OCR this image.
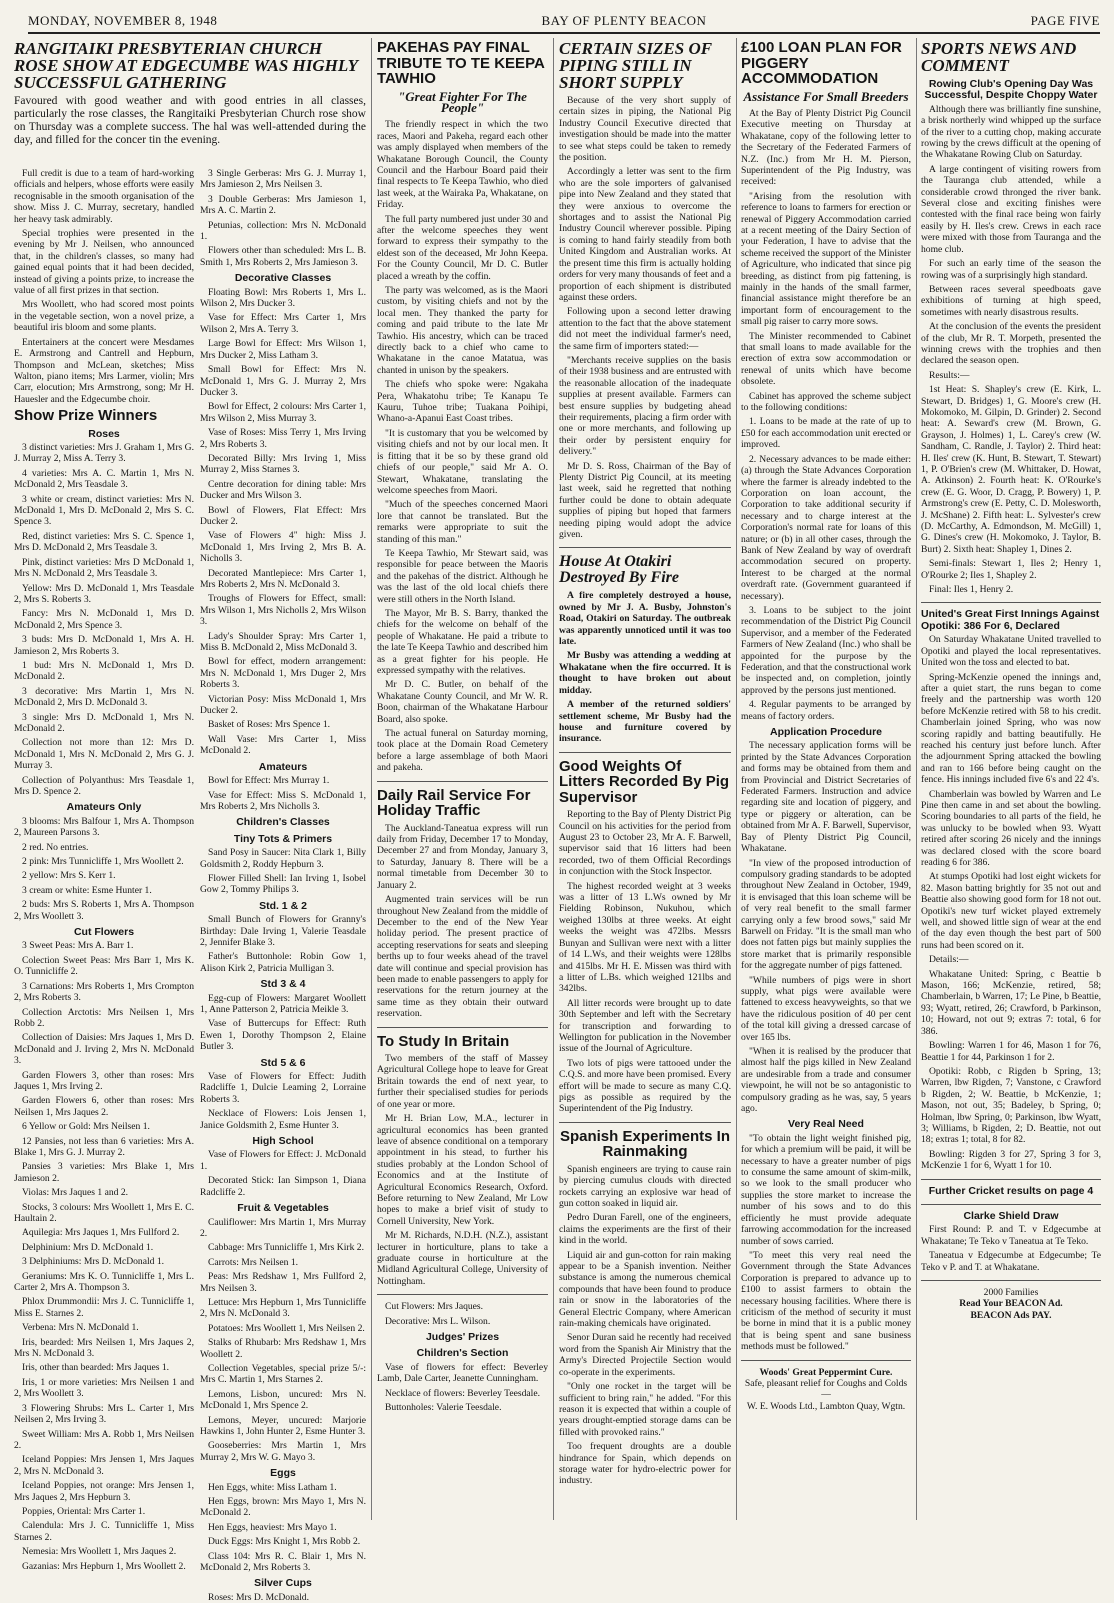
MONDAY, NOVEMBER 8, 1948	BAY OF PLENTY BEACON	PAGE FIVE
RANGITAIKI PRESBYTERIAN CHURCH ROSE SHOW AT EDGECUMBE WAS HIGHLY SUCCESSFUL GATHERING
Favoured with good weather and with good entries in all classes, particularly the rose classes, the Rangitaiki Presbyterian Church rose show on Thursday was a complete success. The hal was well-attended during the day, and filled for the concer tin the evening.

Full credit is due to a team of hard-working officials and helpers, whose efforts were easily recognisable in the smooth organisation of the show. Miss J. C. Murray, secretary, handled her heavy task admirably.

Special trophies were presented in the evening by Mr J. Neilsen, who announced that, in the children's classes, so many had gained equal points that it had been decided, instead of giving a points prize, to increase the value of all first prizes in that section.

Mrs Woollett, who had scored most points in the vegetable section, won a novel prize, a beautiful iris bloom and some plants.

Entertainers at the concert were Mesdames E. Armstrong and Cantrell and Hepburn, Thompson and McLean, sketches; Miss Walton, piano items; Mrs Larmer, violin; Mrs Carr, elocution; Mrs Armstrong, song; Mr H. Hauesler and the Edgecumbe choir.

Show Prize Winners
Roses

3 distinct varieties: Mrs J. Graham 1, Mrs G. J. Murray 2, Miss A. Terry 3.

4 varieties: Mrs A. C. Martin 1, Mrs N. McDonald 2, Mrs Teasdale 3.

3 white or cream, distinct varieties: Mrs N. McDonald 1, Mrs D. McDonald 2, Mrs S. C. Spence 3.

Red, distinct varieties: Mrs S. C. Spence 1, Mrs D. McDonald 2, Mrs Teasdale 3.

Pink, distinct varieties: Mrs D McDonald 1, Mrs N. McDonald 2, Mrs Teasdale 3.

Yellow: Mrs D. McDonald 1, Mrs Teasdale 2, Mrs S. Roberts 3.

Fancy: Mrs N. McDonald 1, Mrs D. McDonald 2, Mrs Spence 3.

3 buds: Mrs D. McDonald 1, Mrs A. H. Jamieson 2, Mrs Roberts 3.

1 bud: Mrs N. McDonald 1, Mrs D. McDonald 2.

3 decorative: Mrs Martin 1, Mrs N. McDonald 2, Mrs D. McDonald 3.

3 single: Mrs D. McDonald 1, Mrs N. McDonald 2.

Collection not more than 12: Mrs D. McDonald 1, Mrs N. McDonald 2, Mrs G. J. Murray 3.

Collection of Polyanthus: Mrs Teasdale 1, Mrs D. Spence 2.

Amateurs Only

3 blooms: Mrs Balfour 1, Mrs A. Thompson 2, Maureen Parsons 3.

2 red. No entries.

2 pink: Mrs Tunnicliffe 1, Mrs Woollett 2.

2 yellow: Mrs S. Kerr 1.

3 cream or white: Esme Hunter 1.

2 buds: Mrs S. Roberts 1, Mrs A. Thompson 2, Mrs Woollett 3.

Cut Flowers

3 Sweet Peas: Mrs A. Barr 1.

Colection Sweet Peas: Mrs Barr 1, Mrs K. O. Tunnicliffe 2.

3 Carnations: Mrs Roberts 1, Mrs Crompton 2, Mrs Roberts 3.

Collection Arctotis: Mrs Neilsen 1, Mrs Robb 2.

Collection of Daisies: Mrs Jaques 1, Mrs D. McDonald and J. Irving 2, Mrs N. McDonald 3.

Garden Flowers 3, other than roses: Mrs Jaques 1, Mrs Irving 2.

Garden Flowers 6, other than roses: Mrs Neilsen 1, Mrs Jaques 2.

6 Yellow or Gold: Mrs Neilsen 1.

12 Pansies, not less than 6 varieties: Mrs A. Blake 1, Mrs G. J. Murray 2.

Pansies 3 varieties: Mrs Blake 1, Mrs Jamieson 2.

Violas: Mrs Jaques 1 and 2.

Stocks, 3 colours: Mrs Woollett 1, Mrs E. C. Haultain 2.

Aquilegia: Mrs Jaques 1, Mrs Fullford 2.

Delphinium: Mrs D. McDonald 1.

3 Delphiniums: Mrs D. McDonald 1.

Geraniums: Mrs K. O. Tunnicliffe 1, Mrs L. Carter 2, Mrs A. Thompson 3.

Phlox Drummondii: Mrs J. C. Tunnicliffe 1, Miss E. Starnes 2.

Verbena: Mrs N. McDonald 1.

Iris, bearded: Mrs Neilsen 1, Mrs Jaques 2, Mrs N. McDonald 3.

Iris, other than bearded: Mrs Jaques 1.

Iris, 1 or more varieties: Mrs Neilsen 1 and 2, Mrs Woollett 3.

3 Flowering Shrubs: Mrs L. Carter 1, Mrs Neilsen 2, Mrs Irving 3.

Sweet William: Mrs A. Robb 1, Mrs Neilsen 2.

Iceland Poppies: Mrs Jensen 1, Mrs Jaques 2, Mrs N. McDonald 3.

Iceland Poppies, not orange: Mrs Jensen 1, Mrs Jaques 2, Mrs Hepburn 3.

Poppies, Oriental: Mrs Carter 1.

Calendula: Mrs J. C. Tunnicliffe 1, Miss Starnes 2.

Nemesia: Mrs Woollett 1, Mrs Jaques 2.

Gazanias: Mrs Hepburn 1, Mrs Woollett 2.

3 Single Gerberas: Mrs G. J. Murray 1, Mrs Jamieson 2, Mrs Neilsen 3.

3 Double Gerberas: Mrs Jamieson 1, Mrs A. C. Martin 2.

Petunias, collection: Mrs N. McDonald 1.

Flowers other than scheduled: Mrs L. B. Smith 1, Mrs Roberts 2, Mrs Jamieson 3.

Decorative Classes

Floating Bowl: Mrs Roberts 1, Mrs L. Wilson 2, Mrs Ducker 3.

Vase for Effect: Mrs Carter 1, Mrs Wilson 2, Mrs A. Terry 3.

Large Bowl for Effect: Mrs Wilson 1, Mrs Ducker 2, Miss Latham 3.

Small Bowl for Effect: Mrs N. McDonald 1, Mrs G. J. Murray 2, Mrs Ducker 3.

Bowl for Effect, 2 colours: Mrs Carter 1, Mrs Wilson 2, Miss Murray 3.

Vase of Roses: Miss Terry 1, Mrs Irving 2, Mrs Roberts 3.

Decorated Billy: Mrs Irving 1, Miss Murray 2, Miss Starnes 3.

Centre decoration for dining table: Mrs Ducker and Mrs Wilson 3.

Bowl of Flowers, Flat Effect: Mrs Ducker 2.

Vase of Flowers 4" high: Miss J. McDonald 1, Mrs Irving 2, Mrs B. A. Nicholls 3.

Decorated Mantlepiece: Mrs Carter 1, Mrs Roberts 2, Mrs N. McDonald 3.

Troughs of Flowers for Effect, small: Mrs Wilson 1, Mrs Nicholls 2, Mrs Wilson 3.

Lady's Shoulder Spray: Mrs Carter 1, Miss B. McDonald 2, Miss McDonald 3.

Bowl for effect, modern arrangement: Mrs N. McDonald 1, Mrs Duger 2, Mrs Roberts 3.

Victorian Posy: Miss McDonald 1, Mrs Ducker 2.

Basket of Roses: Mrs Spence 1.

Wall Vase: Mrs Carter 1, Miss McDonald 2.

Amateurs

Bowl for Effect: Mrs Murray 1.

Vase for Effect: Miss S. McDonald 1, Mrs Roberts 2, Mrs Nicholls 3.

Children's Classes
Tiny Tots & Primers

Sand Posy in Saucer: Nita Clark 1, Billy Goldsmith 2, Roddy Hepburn 3.

Flower Filled Shell: Ian Irving 1, Isobel Gow 2, Tommy Philips 3.

Std. 1 & 2

Small Bunch of Flowers for Granny's Birthday: Dale Irving 1, Valerie Teasdale 2, Jennifer Blake 3.

Father's Buttonhole: Robin Gow 1, Alison Kirk 2, Patricia Mulligan 3.

Std 3 & 4

Egg-cup of Flowers: Margaret Woollett 1, Anne Patterson 2, Patricia Meikle 3.

Vase of Buttercups for Effect: Ruth Ewen 1, Dorothy Thompson 2, Elaine Butler 3.

Std 5 & 6

Vase of Flowers for Effect: Judith Radcliffe 1, Dulcie Leaming 2, Lorraine Roberts 3.

Necklace of Flowers: Lois Jensen 1, Janice Goldsmith 2, Esme Hunter 3.

High School

Vase of Flowers for Effect: J. McDonald 1.

Decorated Stick: Ian Simpson 1, Diana Radcliffe 2.

Fruit & Vegetables

Cauliflower: Mrs Martin 1, Mrs Murray 2.

Cabbage: Mrs Tunnicliffe 1, Mrs Kirk 2.

Carrots: Mrs Neilsen 1.

Peas: Mrs Redshaw 1, Mrs Fullford 2, Mrs Neilsen 3.

Lettuce: Mrs Hepburn 1, Mrs Tunnicliffe 2, Mrs N. McDonald 3.

Potatoes: Mrs Woollett 1, Mrs Neilsen 2.

Stalks of Rhubarb: Mrs Redshaw 1, Mrs Woollett 2.

Collection Vegetables, special prize 5/-: Mrs C. Martin 1, Mrs Starnes 2.

Lemons, Lisbon, uncured: Mrs N. McDonald 1, Mrs Spence 2.

Lemons, Meyer, uncured: Marjorie Hawkins 1, John Hunter 2, Esme Hunter 3.

Gooseberries: Mrs Martin 1, Mrs Murray 2, Mrs W. G. Mayo 3.

Eggs

Hen Eggs, white: Miss Latham 1.

Hen Eggs, brown: Mrs Mayo 1, Mrs N. McDonald 2.

Hen Eggs, heaviest: Mrs Mayo 1.

Duck Eggs: Mrs Knight 1, Mrs Robb 2.

Class 104: Mrs R. C. Blair 1, Mrs N. McDonald 2, Mrs Roberts 3.

Silver Cups

Roses: Mrs D. McDonald.

PAKEHAS PAY FINAL TRIBUTE TO TE KEEPA TAWHIO
"Great Fighter For The People"

The friendly respect in which the two races, Maori and Pakeha, regard each other was amply displayed when members of the Whakatane Borough Council, the County Council and the Harbour Board paid their final respects to Te Keepa Tawhio, who died last week, at the Wairaka Pa, Whakatane, on Friday.

The full party numbered just under 30 and after the welcome speeches they went forward to express their sympathy to the eldest son of the deceased, Mr John Keepa. For the County Council, Mr D. C. Butler placed a wreath by the coffin.

The party was welcomed, as is the Maori custom, by visiting chiefs and not by the local men. They thanked the party for coming and paid tribute to the late Mr Tawhio. His ancestry, which can be traced directly back to a chief who came to Whakatane in the canoe Matatua, was chanted in unison by the speakers.

The chiefs who spoke were: Ngakaha Pera, Whakatohu tribe; Te Kanapu Te Kauru, Tuhoe tribe; Tuakana Poihipi, Whano-a-Apanui East Coast tribes.

"It is customary that you be welcomed by visiting chiefs and not by our local men. It is fitting that it be so by these grand old chiefs of our people," said Mr A. O. Stewart, Whakatane, translating the welcome speeches from Maori.

"Much of the speeches concerned Maori lore that cannot be translated. But the remarks were appropriate to suit the standing of this man."

Te Keepa Tawhio, Mr Stewart said, was responsible for peace between the Maoris and the pakehas of the district. Although he was the last of the old local chiefs there were still others in the North Island.

The Mayor, Mr B. S. Barry, thanked the chiefs for the welcome on behalf of the people of Whakatane. He paid a tribute to the late Te Keepa Tawhio and described him as a great fighter for his people. He expressed sympathy with the relatives.

Mr D. C. Butler, on behalf of the Whakatane County Council, and Mr W. R. Boon, chairman of the Whakatane Harbour Board, also spoke.

The actual funeral on Saturday morning, took place at the Domain Road Cemetery before a large assemblage of both Maori and pakeha.

Daily Rail Service For Holiday Traffic

The Auckland-Taneatua express will run daily from Friday, December 17 to Monday, December 27 and from Monday, January 3, to Saturday, January 8. There will be a normal timetable from December 30 to January 2.

Augmented train services will be run throughout New Zealand from the middle of December to the end of the New Year holiday period. The present practice of accepting reservations for seats and sleeping berths up to four weeks ahead of the travel date will continue and special provision has been made to enable passengers to apply for reservations for the return journey at the same time as they obtain their outward reservation.

To Study In Britain

Two members of the staff of Massey Agricultural College hope to leave for Great Britain towards the end of next year, to further their specialised studies for periods of one year or more.

Mr H. Brian Low, M.A., lecturer in agricultural economics has been granted leave of absence conditional on a temporary appointment in his stead, to further his studies probably at the London School of Economics and at the Institute of Agricultural Economics Research, Oxford. Before returning to New Zealand, Mr Low hopes to make a brief visit of study to Cornell University, New York.

Mr M. Richards, N.D.H. (N.Z.), assistant lecturer in horticulture, plans to take a graduate course in horticulture at the Midland Agricultural College, University of Nottingham.

Cut Flowers: Mrs Jaques.

Decorative: Mrs L. Wilson.

Judges' Prizes
Children's Section

Vase of flowers for effect: Beverley Lamb, Dale Carter, Jeanette Cunningham.

Necklace of flowers: Beverley Teesdale.

Buttonholes: Valerie Teesdale.

CERTAIN SIZES OF PIPING STILL IN SHORT SUPPLY

Because of the very short supply of certain sizes in piping, the National Pig Industry Council Executive directed that investigation should be made into the matter to see what steps could be taken to remedy the position.

Accordingly a letter was sent to the firm who are the sole importers of galvanised pipe into New Zealand and they stated that they were anxious to overcome the shortages and to assist the National Pig Industry Council wherever possible. Piping is coming to hand fairly steadily from both United Kingdom and Australian works. At the present time this firm is actually holding orders for very many thousands of feet and a proportion of each shipment is distributed against these orders.

Following upon a second letter drawing attention to the fact that the above statement did not meet the individual farmer's need, the same firm of importers stated:—

"Merchants receive supplies on the basis of their 1938 business and are entrusted with the reasonable allocation of the inadequate supplies at present available. Farmers can best ensure supplies by budgeting ahead their requirements, placing a firm order with one or more merchants, and following up their order by persistent enquiry for delivery."

Mr D. S. Ross, Chairman of the Bay of Plenty District Pig Council, at its meeting last week, said he regretted that nothing further could be done to obtain adequate supplies of piping but hoped that farmers needing piping would adopt the advice given.

House At Otakiri Destroyed By Fire

A fire completely destroyed a house, owned by Mr J. A. Busby, Johnston's Road, Otakiri on Saturday. The outbreak was apparently unnoticed until it was too late.

Mr Busby was attending a wedding at Whakatane when the fire occurred. It is thought to have broken out about midday.

A member of the returned soldiers' settlement scheme, Mr Busby had the house and furniture covered by insurance.

Good Weights Of Litters Recorded By Pig Supervisor

Reporting to the Bay of Plenty District Pig Council on his activities for the period from August 23 to October 23, Mr A. F. Barwell, supervisor said that 16 litters had been recorded, two of them Official Recordings in conjunction with the Stock Inspector.

The highest recorded weight at 3 weeks was a litter of 13 L.Ws owned by Mr Fielding Robinson, Nukuhou, which weighed 130lbs at three weeks. At eight weeks the weight was 472lbs. Messrs Bunyan and Sullivan were next with a litter of 14 L.Ws, and their weights were 128lbs and 415lbs. Mr H. E. Missen was third with a litter of L.Bs. which weighed 121lbs and 342lbs.

All litter records were brought up to date 30th September and left with the Secretary for transcription and forwarding to Wellington for publication in the November issue of the Journal of Agriculture.

Two lots of pigs were tattooed under the C.Q.S. and more have been promised. Every effort will be made to secure as many C.Q. pigs as possible as required by the Superintendent of the Pig Industry.

Spanish Experiments In Rainmaking

Spanish engineers are trying to cause rain by piercing cumulus clouds with directed rockets carrying an explosive war head of gun cotton soaked in liquid air.

Pedro Duran Farell, one of the engineers, claims the experiments are the first of their kind in the world.

Liquid air and gun-cotton for rain making appear to be a Spanish invention. Neither substance is among the numerous chemical compounds that have been found to produce rain or snow in the laboratories of the General Electric Company, where American rain-making chemicals have originated.

Senor Duran said he recently had received word from the Spanish Air Ministry that the Army's Directed Projectile Section would co-operate in the experiments.

"Only one rocket in the target will be sufficient to bring rain," he added. "For this reason it is expected that within a couple of years drought-emptied storage dams can be filled with provoked rains."

Too frequent droughts are a double hindrance for Spain, which depends on storage water for hydro-electric power for industry.

£100 LOAN PLAN FOR PIGGERY ACCOMMODATION
Assistance For Small Breeders

At the Bay of Plenty District Pig Council Executive meeting on Thursday at Whakatane, copy of the following letter to the Secretary of the Federated Farmers of N.Z. (Inc.) from Mr H. M. Pierson, Superintendent of the Pig Industry, was received:

"Arising from the resolution with reference to loans to farmers for erection or renewal of Piggery Accommodation carried at a recent meeting of the Dairy Section of your Federation, I have to advise that the scheme received the support of the Minister of Agriculture, who indicated that since pig breeding, as distinct from pig fattening, is mainly in the hands of the small farmer, financial assistance might therefore be an important form of encouragement to the small pig raiser to carry more sows.

The Minister recommended to Cabinet that small loans to made available for the erection of extra sow accommodation or renewal of units which have become obsolete.

Cabinet has approved the scheme subject to the following conditions:

1. Loans to be made at the rate of up to £50 for each accommodation unit erected or improved.

2. Necessary advances to be made either: (a) through the State Advances Corporation where the farmer is already indebted to the Corporation on loan account, the Corporation to take additional security if necessary and to charge interest at the Corporation's normal rate for loans of this nature; or (b) in all other cases, through the Bank of New Zealand by way of overdraft accommodation secured on property. Interest to be charged at the normal overdraft rate. (Government guaranteed if necessary).

3. Loans to be subject to the joint recommendation of the District Pig Council Supervisor, and a member of the Federated Farmers of New Zealand (Inc.) who shall be appointed for the purpose by the Federation, and that the constructional work be inspected and, on completion, jointly approved by the persons just mentioned.

4. Regular payments to be arranged by means of factory orders.

Application Procedure

The necessary application forms will be printed by the State Advances Corporation and forms may be obtained from them and from Provincial and District Secretaries of Federated Farmers. Instruction and advice regarding site and location of piggery, and type or piggery or alteration, can be obtained from Mr A. F. Barwell, Supervisor, Bay of Plenty District Pig Council, Whakatane.

"In view of the proposed introduction of compulsory grading standards to be adopted throughout New Zealand in October, 1949, it is envisaged that this loan scheme will be of very real benefit to the small farmer carrying only a few brood sows," said Mr Barwell on Friday. "It is the small man who does not fatten pigs but mainly supplies the store market that is primarily responsible for the aggregate number of pigs fattened.

"While numbers of pigs were in short supply, what pigs were available were fattened to excess heavyweights, so that we have the ridiculous position of 40 per cent of the total kill giving a dressed carcase of over 165 lbs.

"When it is realised by the producer that almost half the pigs killed in New Zealand are undesirable from a trade and consumer viewpoint, he will not be so antagonistic to compulsory grading as he was, say, 5 years ago.

Very Real Need

"To obtain the light weight finished pig, for which a premium will be paid, it will be necessary to have a greater number of pigs to consume the same amount of skim-milk, so we look to the small producer who supplies the store market to increase the number of his sows and to do this efficiently he must provide adequate farrowing accommodation for the increased number of sows carried.

"To meet this very real need the Government through the State Advances Corporation is prepared to advance up to £100 to assist farmers to obtain the necessary housing facilities. Where there is criticism of the method of security it must be borne in mind that it is a public money that is being spent and sane business methods must be followed."

Woods' Great Peppermint Cure.
Safe, pleasant relief for Coughs and Colds—
W. E. Woods Ltd., Lambton Quay, Wgtn.
SPORTS NEWS AND COMMENT
Rowing Club's Opening Day Was Successful, Despite Choppy Water

Although there was brilliantly fine sunshine, a brisk northerly wind whipped up the surface of the river to a cutting chop, making accurate rowing by the crews difficult at the opening of the Whakatane Rowing Club on Saturday.

A large contingent of visiting rowers from the Tauranga club attended, while a considerable crowd thronged the river bank. Several close and exciting finishes were contested with the final race being won fairly easily by H. Iles's crew. Crews in each race were mixed with those from Tauranga and the home club.

For such an early time of the season the rowing was of a surprisingly high standard.

Between races several speedboats gave exhibitions of turning at high speed, sometimes with nearly disastrous results.

At the conclusion of the events the president of the club, Mr R. T. Morpeth, presented the winning crews with the trophies and then declared the season open.

Results:—

1st Heat: S. Shapley's crew (E. Kirk, L. Stewart, D. Bridges) 1, G. Moore's crew (H. Mokomoko, M. Gilpin, D. Grinder) 2. Second heat: A. Seward's crew (M. Brown, G. Grayson, J. Holmes) 1, L. Carey's crew (W. Sandham, C. Randle, J. Taylor) 2. Third heat: H. Iles' crew (K. Hunt, B. Stewart, T. Stewart) 1, P. O'Brien's crew (M. Whittaker, D. Howat, A. Atkinson) 2. Fourth heat: K. O'Rourke's crew (E. G. Woor, D. Cragg, P. Bowery) 1, P. Armstrong's crew (E. Petty, C. D. Molesworth, J. McShane) 2. Fifth heat: L. Sylvester's crew (D. McCarthy, A. Edmondson, M. McGill) 1, G. Dines's crew (H. Mokomoko, J. Taylor, B. Burt) 2. Sixth heat: Shapley 1, Dines 2.

Semi-finals: Stewart 1, Iles 2; Henry 1, O'Rourke 2; Iles 1, Shapley 2.

Final: Iles 1, Henry 2.

United's Great First Innings Against Opotiki: 386 For 6, Declared

On Saturday Whakatane United travelled to Opotiki and played the local representatives. United won the toss and elected to bat.

Spring-McKenzie opened the innings and, after a quiet start, the runs began to come freely and the partnership was worth 120 before McKenzie retired with 58 to his credit. Chamberlain joined Spring, who was now scoring rapidly and batting beautifully. He reached his century just before lunch. After the adjournment Spring attacked the bowling and ran to 166 before being caught on the fence. His innings included five 6's and 22 4's.

Chamberlain was bowled by Warren and Le Pine then came in and set about the bowling. Scoring boundaries to all parts of the field, he was unlucky to be bowled when 93. Wyatt retired after scoring 26 nicely and the innings was declared closed with the score board reading 6 for 386.

At stumps Opotiki had lost eight wickets for 82. Mason batting brightly for 35 not out and Beattie also showing good form for 18 not out. Opotiki's new turf wicket played extremely well, and showed little sign of wear at the end of the day even though the best part of 500 runs had been scored on it.

Details:—

Whakatane United: Spring, c Beattie b Mason, 166; McKenzie, retired, 58; Chamberlain, b Warren, 17; Le Pine, b Beattie, 93; Wyatt, retired, 26; Crawford, b Parkinson, 10; Howard, not out 9; extras 7: total, 6 for 386.

Bowling: Warren 1 for 46, Mason 1 for 76, Beattie 1 for 44, Parkinson 1 for 2.

Opotiki: Robb, c Rigden b Spring, 13; Warren, lbw Rigden, 7; Vanstone, c Crawford b Rigden, 2; W. Beattie, b McKenzie, 1; Mason, not out, 35; Badeley, b Spring, 0; Holman, lbw Spring, 0; Parkinson, lbw Wyatt, 3; Williams, b Rigden, 2; D. Beattie, not out 18; extras 1; total, 8 for 82.

Bowling: Rigden 3 for 27, Spring 3 for 3, McKenzie 1 for 6, Wyatt 1 for 10.

Further Cricket results on page 4
Clarke Shield Draw

First Round: P. and T. v Edgecumbe at Whakatane; Te Teko v Taneatua at Te Teko.

Taneatua v Edgecumbe at Edgecumbe; Te Teko v P. and T. at Whakatane.

2000 Families
Read Your BEACON Ad.
BEACON Ads PAY.
